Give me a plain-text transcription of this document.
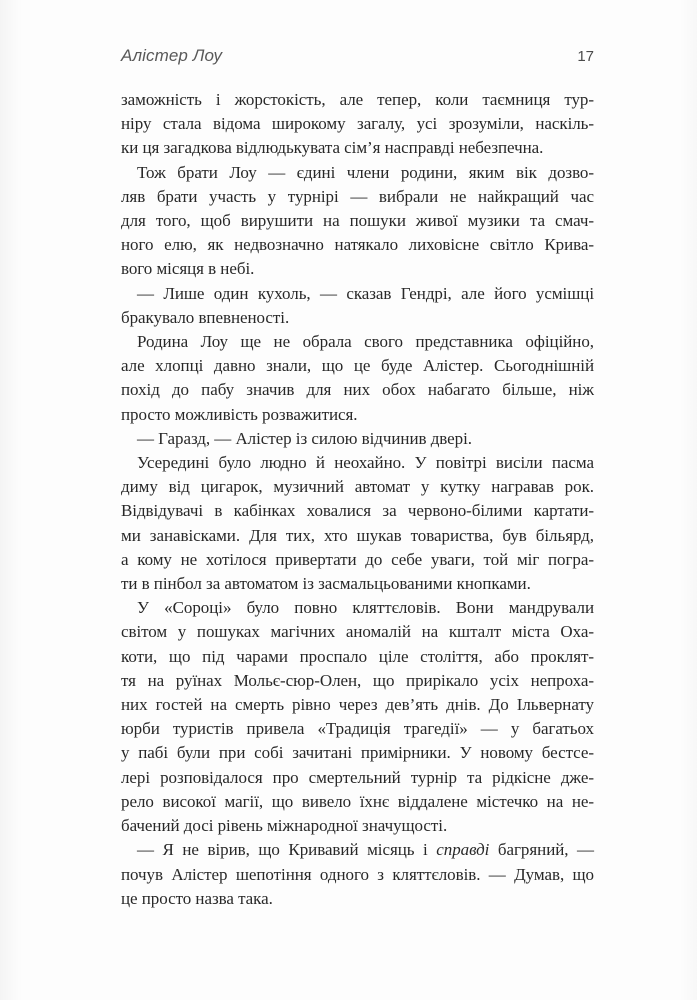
Алістер Лоу	17

заможність і жорстокість, але тепер, коли таємниця тур-
ніру стала відома широкому загалу, усі зрозуміли, наскіль-
ки ця загадкова відлюдькувата сім’я насправді небезпечна.

Тож брати Лоу — єдині члени родини, яким вік дозво-
ляв брати участь у турнірі — вибрали не найкращий час
для того, щоб вирушити на пошуки живої музики та смач-
ного елю, як недвозначно натякало лиховісне світло Крива-
вого місяця в небі.

— Лише один кухоль, — сказав Гендрі, але його усмішці
бракувало впевненості.

Родина Лоу ще не обрала свого представника офіційно,
але хлопці давно знали, що це буде Алістер. Сьогоднішній
похід до пабу значив для них обох набагато більше, ніж
просто можливість розважитися.

— Гаразд, — Алістер із силою відчинив двері.

Усередині було людно й неохайно. У повітрі висіли пасма
диму від цигарок, музичний автомат у кутку награвав рок.
Відвідувачі в кабінках ховалися за червоно-білими картати-
ми занавісками. Для тих, хто шукав товариства, був більярд,
а кому не хотілося привертати до себе уваги, той міг погра-
ти в пінбол за автоматом із засмальцьованими кнопками.

У «Сороці» було повно кляттєловів. Вони мандрували
світом у пошуках магічних аномалій на кшталт міста Оха-
коти, що під чарами проспало ціле століття, або проклят-
тя на руїнах Мольє-сюр-Олен, що прирікало усіх непроха-
них гостей на смерть рівно через дев’ять днів. До Ільвернату
юрби туристів привела «Традиція трагедії» — у багатьох
у пабі були при собі зачитані примірники. У новому бестсе-
лері розповідалося про смертельний турнір та рідкісне дже-
рело високої магії, що вивело їхнє віддалене містечко на не-
бачений досі рівень міжнародної значущості.

— Я не вірив, що Кривавий місяць і справді багряний, —
почув Алістер шепотіння одного з кляттєловів. — Думав, що
це просто назва така.
